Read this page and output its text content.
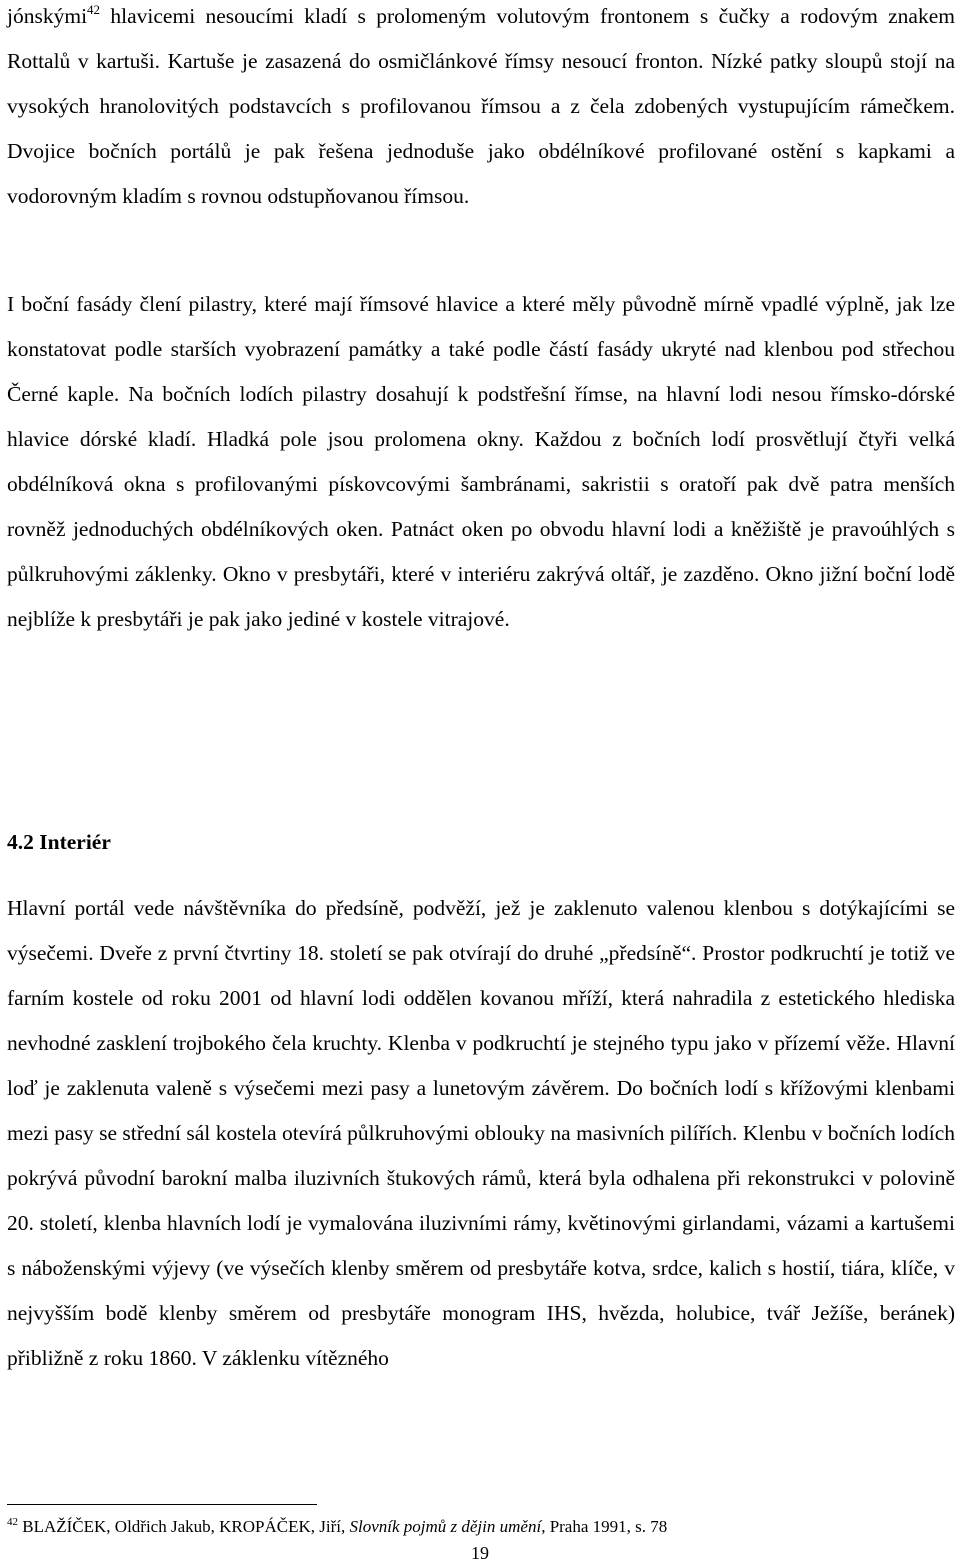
jónskými$^{42}$ hlavicemi nesoucími kladí s prolomeným volutovým frontonem s čučky a rodovým znakem Rottalů v kartuši. Kartuše je zasazená do osmičlánkové římsy nesoucí fronton. Nízké patky sloupů stojí na vysokých hranolovitých podstavcích s profilovanou římsou a z čela zdobených vystupujícím rámečkem. Dvojice bočních portálů je pak řešena jednoduše jako obdélníkové profilované ostění s kapkami a vodorovným kladím s rovnou odstupňovanou římsou.

I boční fasády člení pilastry, které mají římsové hlavice a které měly původně mírně vpadlé výplně, jak lze konstatovat podle starších vyobrazení památky a také podle částí fasády ukryté nad klenbou pod střechou Černé kaple. Na bočních lodích pilastry dosahují k podstřešní římse, na hlavní lodi nesou římsko-dórské hlavice dórské kladí. Hladká pole jsou prolomena okny. Každou z bočních lodí prosvětlují čtyři velká obdélníková okna s profilovanými pískovcovými šambránami, sakristii s oratoří pak dvě patra menších rovněž jednoduchých obdélníkových oken. Patnáct oken po obvodu hlavní lodi a kněžiště je pravoúhlých s půlkruhovými záklenky. Okno v presbytáři, které v interiéru zakrývá oltář, je zazděno. Okno jižní boční lodě nejblíže k presbytáři je pak jako jediné v kostele vitrajové.

4.2 Interiér

Hlavní portál vede návštěvníka do předsíně, podvěží, jež je zaklenuto valenou klenbou s dotýkajícími se výsečemi. Dveře z první čtvrtiny 18. století se pak otvírají do druhé „předsíně“. Prostor podkruchtí je totiž ve farním kostele od roku 2001 od hlavní lodi oddělen kovanou mříží, která nahradila z estetického hlediska nevhodné zasklení trojbokého čela kruchty. Klenba v podkruchtí je stejného typu jako v přízemí věže. Hlavní loď je zaklenuta valeně s výsečemi mezi pasy a lunetovým závěrem. Do bočních lodí s křížovými klenbami mezi pasy se střední sál kostela otevírá půlkruhovými oblouky na masivních pilířích. Klenbu v bočních lodích pokrývá původní barokní malba iluzivních štukových rámů, která byla odhalena při rekonstrukci v polovině 20. století, klenba hlavních lodí je vymalována iluzivními rámy, květinovými girlandami, vázami a kartušemi s náboženskými výjevy (ve výsečích klenby směrem od presbytáře kotva, srdce, kalich s hostií, tiára, klíče, v nejvyšším bodě klenby směrem od presbytáře monogram IHS, hvězda, holubice, tvář Ježíše, beránek) přibližně z roku 1860. V záklenku vítězného

$^{42}$ BLAŽÍČEK, Oldřich Jakub, KROPÁČEK, Jiří, Slovník pojmů z dějin umění, Praha 1991, s. 78

19
